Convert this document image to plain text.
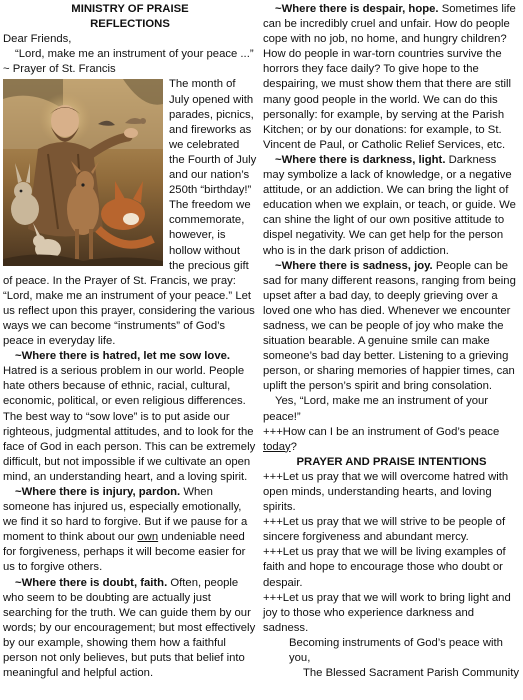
MINISTRY OF PRAISE

REFLECTIONS

Dear Friends,

“Lord, make me an instrument of your peace ...”

~ Prayer of St. Francis

The month of July opened with parades, picnics, and fireworks as we celebrated the Fourth of July and our nation’s 250th “birthday!” The freedom we commemorate, however, is hollow without the precious gift of peace. In the Prayer of St. Francis, we pray: “Lord, make me an instrument of your peace.” Let us reflect upon this prayer, considering the various ways we can become “instruments” of God’s peace in everyday life.

~Where there is hatred, let me sow love. Hatred is a serious problem in our world. People hate others because of ethnic, racial, cultural, economic, political, or even religious differences. The best way to “sow love” is to put aside our righteous, judgmental attitudes, and to look for the face of God in each person. This can be extremely difficult, but not impossible if we cultivate an open mind, an understanding heart, and a loving spirit.

~Where there is injury, pardon. When someone has injured us, especially emotionally, we find it so hard to forgive. But if we pause for a moment to think about our own undeniable need for forgiveness, perhaps it will become easier for us to forgive others.

~Where there is doubt, faith. Often, people who seem to be doubting are actually just searching for the truth. We can guide them by our words; by our encouragement; but most effectively by our example, showing them how a faithful person not only believes, but puts that belief into meaningful and helpful action.

~Where there is despair, hope. Sometimes life can be incredibly cruel and unfair. How do people cope with no job, no home, and hungry children? How do people in war-torn countries survive the horrors they face daily? To give hope to the despairing, we must show them that there are still many good people in the world. We can do this personally: for example, by serving at the Parish Kitchen; or by our donations: for example, to St. Vincent de Paul, or Catholic Relief Services, etc.

~Where there is darkness, light. Darkness may symbolize a lack of knowledge, or a negative attitude, or an addiction. We can bring the light of education when we explain, or teach, or guide. We can shine the light of our own positive attitude to dispel negativity. We can get help for the person who is in the dark prison of addiction.

~Where there is sadness, joy. People can be sad for many different reasons, ranging from being upset after a bad day, to deeply grieving over a loved one who has died. Whenever we encounter sadness, we can be people of joy who make the situation bearable. A genuine smile can make someone’s bad day better. Listening to a grieving person, or sharing memories of happier times, can uplift the person’s spirit and bring consolation.

Yes, “Lord, make me an instrument of your peace!”

+++How can I be an instrument of God’s peace today?

PRAYER AND PRAISE INTENTIONS

+++Let us pray that we will overcome hatred with open minds, understanding hearts, and loving spirits.

+++Let us pray that we will strive to be people of sincere forgiveness and abundant mercy.

+++Let us pray that we will be living examples of faith and hope to encourage those who doubt or despair.

+++Let us pray that we will work to bring light and joy to those who experience darkness and sadness.

Becoming instruments of God’s peace with you,

The Blessed Sacrament Parish Community
